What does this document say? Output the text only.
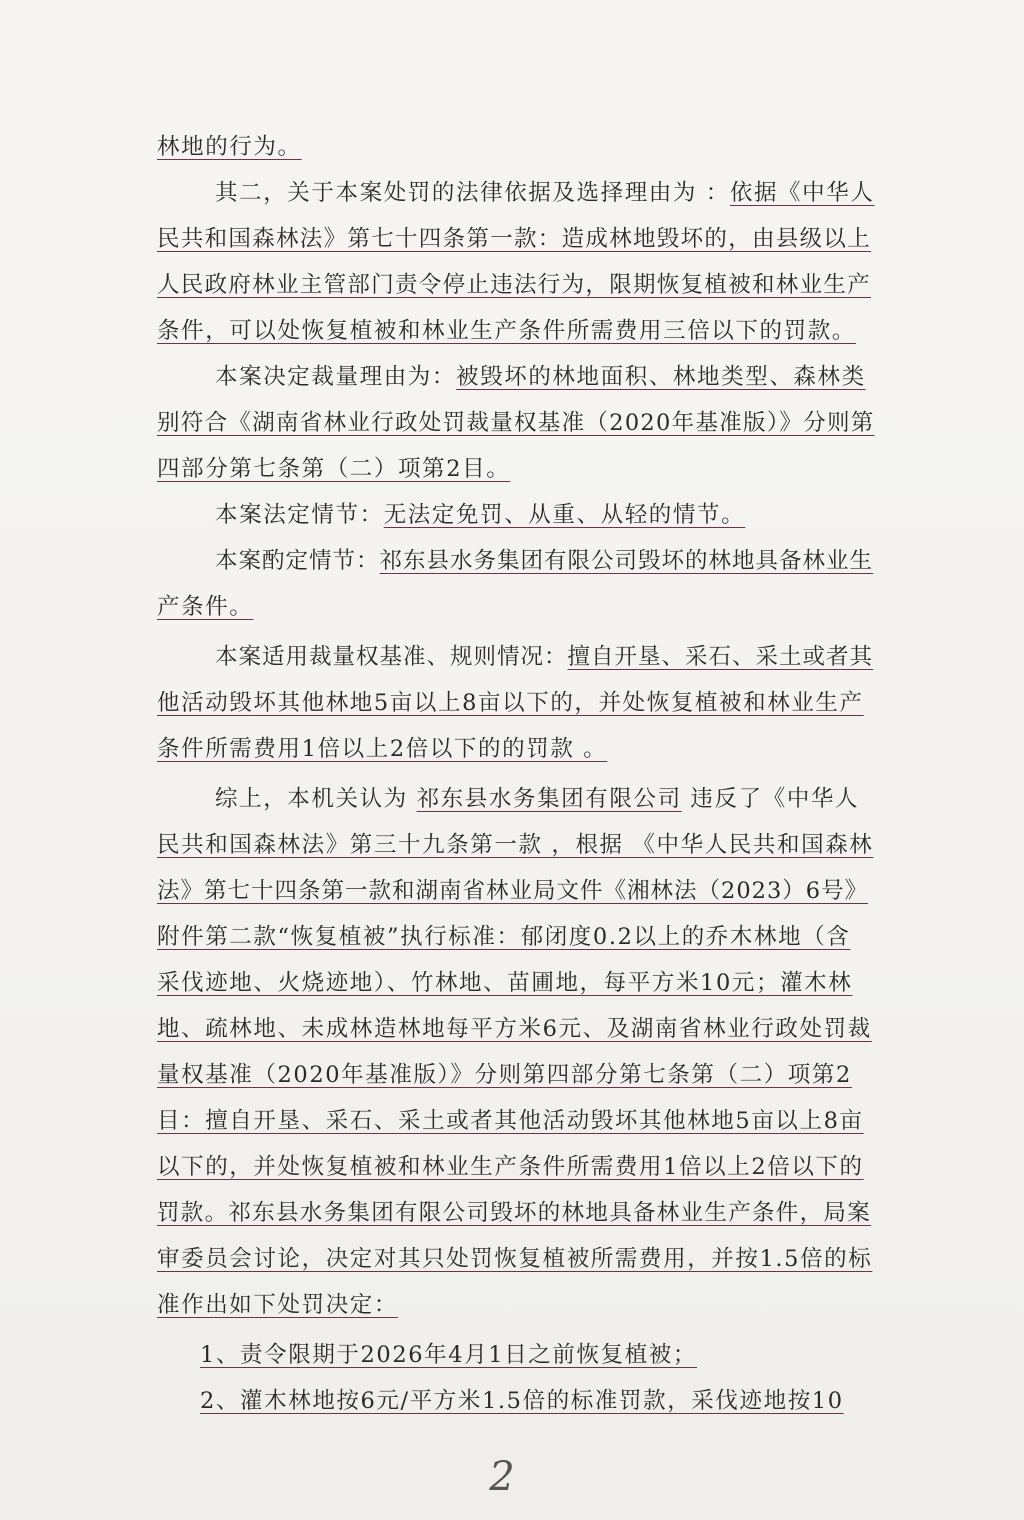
林地的行为。
其二，关于本案处罚的法律依据及选择理由为 ：依据《中华人
民共和国森林法》第七十四条第一款：造成林地毁坏的，由县级以上
人民政府林业主管部门责令停止违法行为，限期恢复植被和林业生产
条件，可以处恢复植被和林业生产条件所需费用三倍以下的罚款。
本案决定裁量理由为：被毁坏的林地面积、林地类型、森林类
别符合《湖南省林业行政处罚裁量权基准（2020年基准版）》分则第
四部分第七条第（二）项第2目。
本案法定情节：无法定免罚、从重、从轻的情节。
本案酌定情节：祁东县水务集团有限公司毁坏的林地具备林业生
产条件。
本案适用裁量权基准、规则情况：擅自开垦、采石、采土或者其
他活动毁坏其他林地5亩以上8亩以下的，并处恢复植被和林业生产
条件所需费用1倍以上2倍以下的的罚款 。
综上，本机关认为 祁东县水务集团有限公司 违反了《中华人
民共和国森林法》第三十九条第一款 ，根据 《中华人民共和国森林
法》第七十四条第一款和湖南省林业局文件《湘林法（2023）6号》
附件第二款“恢复植被”执行标准：郁闭度0.2以上的乔木林地（含
采伐迹地、火烧迹地）、竹林地、苗圃地，每平方米10元；灌木林
地、疏林地、未成林造林地每平方米6元、及湖南省林业行政处罚裁
量权基准（2020年基准版）》分则第四部分第七条第（二）项第2
目：擅自开垦、采石、采土或者其他活动毁坏其他林地5亩以上8亩
以下的，并处恢复植被和林业生产条件所需费用1倍以上2倍以下的
罚款。祁东县水务集团有限公司毁坏的林地具备林业生产条件，局案
审委员会讨论，决定对其只处罚恢复植被所需费用，并按1.5倍的标
准作出如下处罚决定：
1、责令限期于2026年4月1日之前恢复植被；
2、灌木林地按6元/平方米1.5倍的标准罚款，采伐迹地按10
2
